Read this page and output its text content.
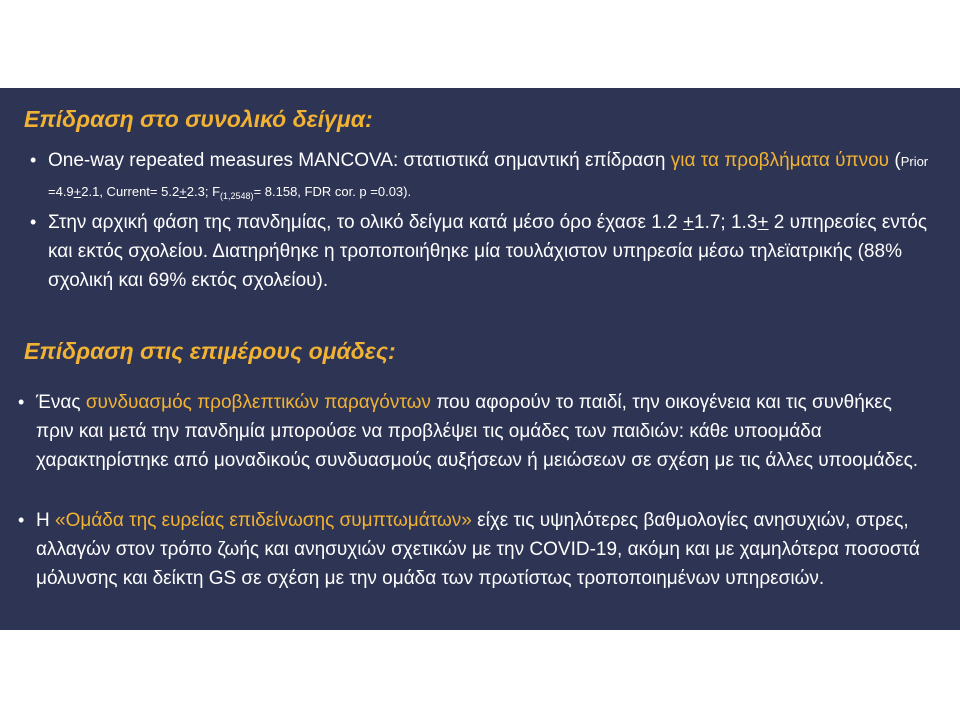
Επίδραση στο συνολικό δείγμα:
• One-way repeated measures MANCOVA: στατιστικά σημαντική επίδραση για τα προβλήματα ύπνου (Prior =4.9+2.1, Current= 5.2+2.3; $F_{(1,2548)}= 8.158$, FDR cor. p =0.03).
• Στην αρχική φάση της πανδημίας, το ολικό δείγμα κατά μέσο όρο έχασε 1.2 +1.7; 1.3+ 2 υπηρεσίες εντός και εκτός σχολείου. Διατηρήθηκε η τροποποιήθηκε μία τουλάχιστον υπηρεσία μέσω τηλεϊατρικής (88% σχολική και 69% εκτός σχολείου).
Επίδραση στις επιμέρους ομάδες:
• Ένας συνδυασμός προβλεπτικών παραγόντων που αφορούν το παιδί, την οικογένεια και τις συνθήκες πριν και μετά την πανδημία μπορούσε να προβλέψει τις ομάδες των παιδιών: κάθε υποομάδα χαρακτηρίστηκε από μοναδικούς συνδυασμούς αυξήσεων ή μειώσεων σε σχέση με τις άλλες υποομάδες.
• Η «Ομάδα της ευρείας επιδείνωσης συμπτωμάτων» είχε τις υψηλότερες βαθμολογίες ανησυχιών, στρες, αλλαγών στον τρόπο ζωής και ανησυχιών σχετικών με την COVID-19, ακόμη και με χαμηλότερα ποσοστά μόλυνσης και δείκτη GS σε σχέση με την ομάδα των πρωτίστως τροποποιημένων υπηρεσιών.
